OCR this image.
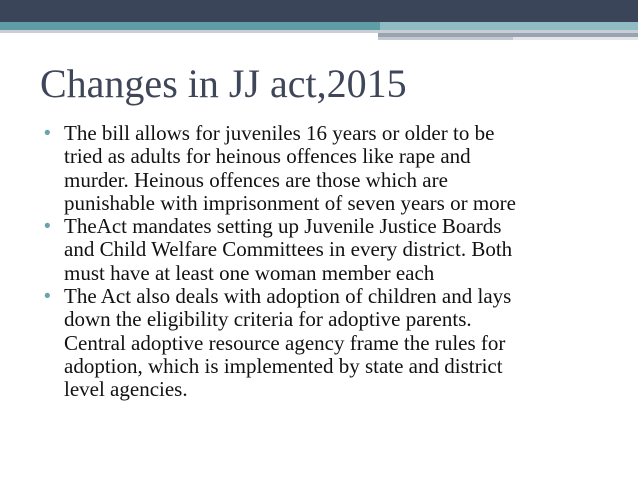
Changes in JJ act,2015
• The bill allows for juveniles 16 years or older to be
tried as adults for heinous offences like rape and
murder. Heinous offences are those which are
punishable with imprisonment of seven years or more
• TheAct mandates setting up Juvenile Justice Boards
and Child Welfare Committees in every district. Both
must have at least one woman member each
• The Act also deals with adoption of children and lays
down the eligibility criteria for adoptive parents.
Central adoptive resource agency frame the rules for
adoption, which is implemented by state and district
level agencies.
